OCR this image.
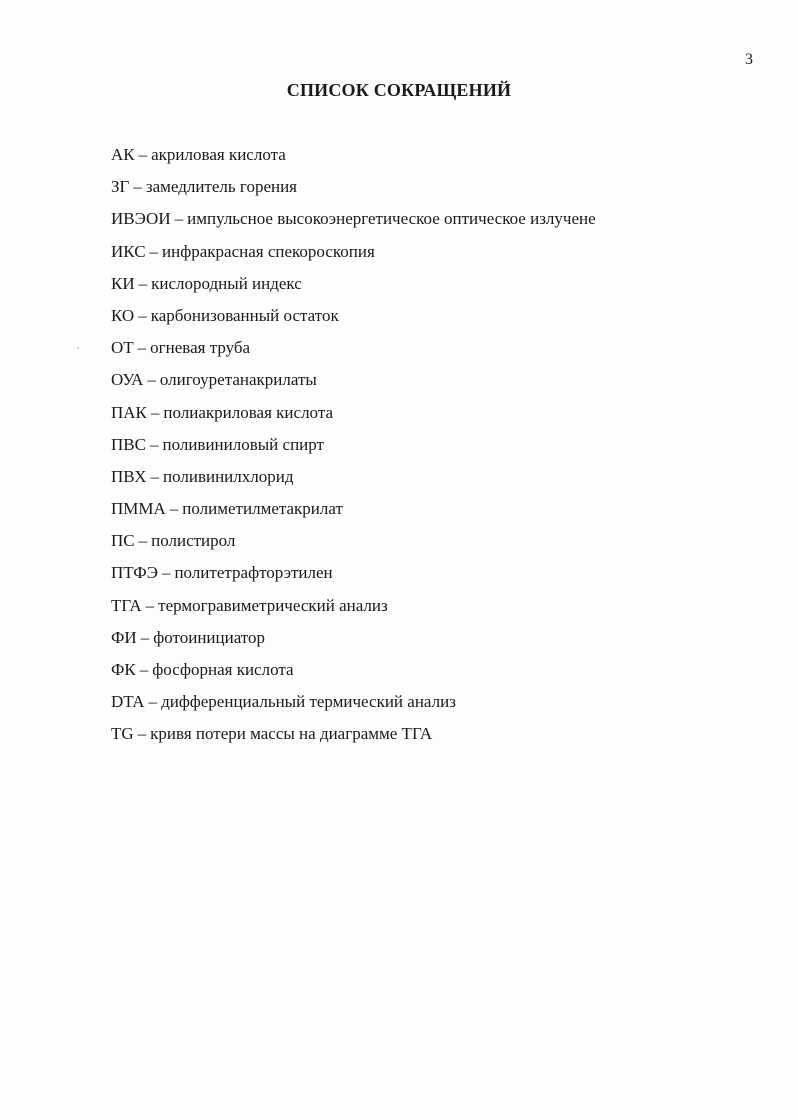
3
СПИСОК СОКРАЩЕНИЙ
АК – акриловая кислота
ЗГ – замедлитель горения
ИВЭОИ – импульсное высокоэнергетическое оптическое излучене
ИКС – инфракрасная спекороскопия
КИ – кислородный индекс
КО – карбонизованный остаток
ОТ – огневая труба
ОУА – олигоуретанакрилаты
ПАК – полиакриловая кислота
ПВС – поливиниловый спирт
ПВХ – поливинилхлорид
ПММА – полиметилметакрилат
ПС – полистирол
ПТФЭ – политетрафторэтилен
ТГА – термогравиметрический анализ
ФИ – фотоинициатор
ФК – фосфорная кислота
DTA – дифференциальный термический анализ
TG – кривя потери массы на диаграмме ТГА
